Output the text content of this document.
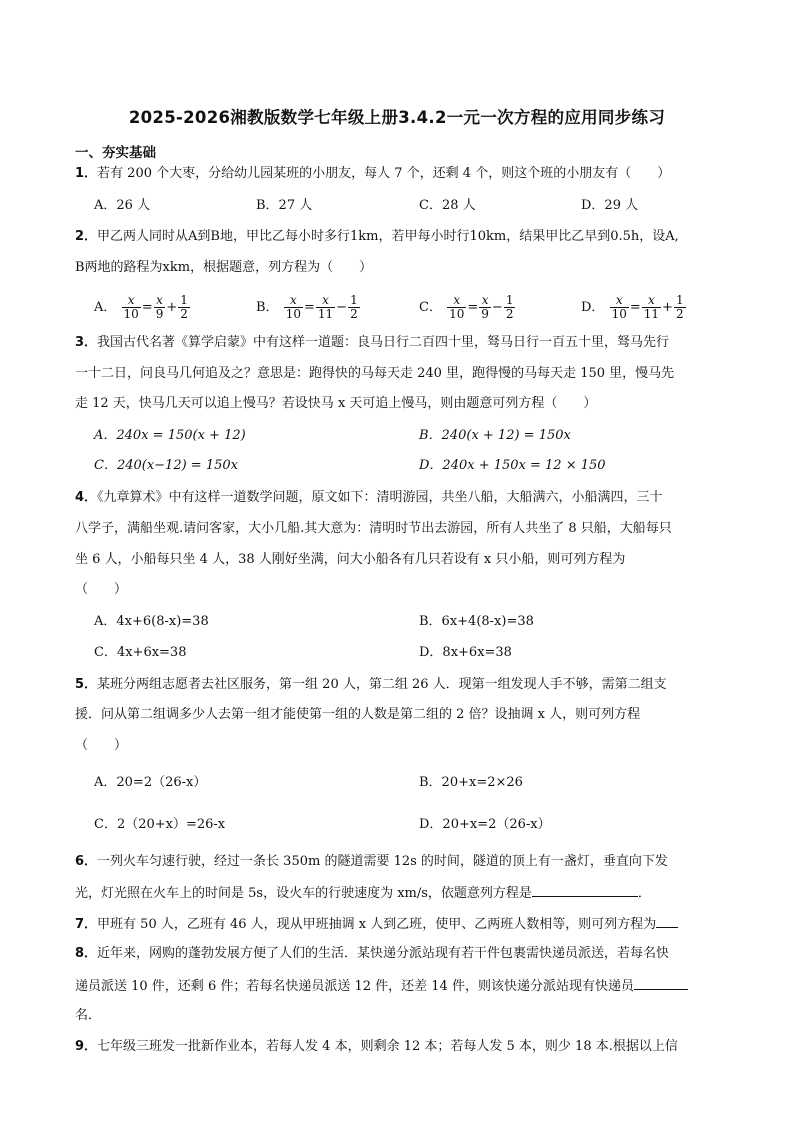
2025-2026湘教版数学七年级上册3.4.2一元一次方程的应用同步练习
一、夯实基础
1．若有 200 个大枣，分给幼儿园某班的小朋友，每人 7 个，还剩 4 个，则这个班的小朋友有（　　）
A．26 人	B．27 人	C．28 人	D．29 人
2．甲乙两人同时从A到B地，甲比乙每小时多行1km，若甲每小时行10km，结果甲比乙早到0.5h，设A,
B两地的路程为xkm，根据题意，列方程为（　　）
A． $\frac{x}{10} = \frac{x}{9} + \frac{1}{2}$	B． $\frac{x}{10} = \frac{x}{11} - \frac{1}{2}$	C． $\frac{x}{10} = \frac{x}{9} - \frac{1}{2}$	D． $\frac{x}{10} = \frac{x}{11} + \frac{1}{2}$
3．我国古代名著《算学启蒙》中有这样一道题：良马日行二百四十里，驽马日行一百五十里，驽马先行
一十二日，问良马几何追及之？意思是：跑得快的马每天走 240 里，跑得慢的马每天走 150 里，慢马先
走 12 天，快马几天可以追上慢马？若设快马 x 天可追上慢马，则由题意可列方程（　　）
A．240x = 150(x + 12)	B．240(x + 12) = 150x
C．240(x−12) = 150x	D．240x + 150x = 12 × 150
4．《九章算术》中有这样一道数学问题，原文如下：清明游园，共坐八船，大船满六，小船满四，三十
八学子，满船坐观.请问客家，大小几船.其大意为：清明时节出去游园，所有人共坐了 8 只船，大船每只
坐 6 人，小船每只坐 4 人，38 人刚好坐满，问大小船各有几只若设有 x 只小船，则可列方程为
（　　）
A．4x+6(8-x)=38	B．6x+4(8-x)=38
C．4x+6x=38	D．8x+6x=38
5．某班分两组志愿者去社区服务，第一组 20 人，第二组 26 人．现第一组发现人手不够，需第二组支
援．问从第二组调多少人去第一组才能使第一组的人数是第二组的 2 倍？设抽调 x 人，则可列方程
（　　）
A．20=2（26-x）	B．20+x=2×26
C．2（20+x）=26-x	D．20+x=2（26-x）
6．一列火车匀速行驶，经过一条长 350m 的隧道需要 12s 的时间，隧道的顶上有一盏灯，垂直向下发
光，灯光照在火车上的时间是 5s，设火车的行驶速度为 xm/s，依题意列方程是	．
7．甲班有 50 人，乙班有 46 人，现从甲班抽调 x 人到乙班，使甲、乙两班人数相等，则可列方程为
8．近年来，网购的蓬勃发展方便了人们的生活．某快递分派站现有若干件包裹需快递员派送，若每名快
递员派送 10 件，还剩 6 件；若每名快递员派送 12 件，还差 14 件，则该快递分派站现有快递员
名．
9．七年级三班发一批新作业本，若每人发 4 本，则剩余 12 本；若每人发 5 本，则少 18 本.根据以上信
